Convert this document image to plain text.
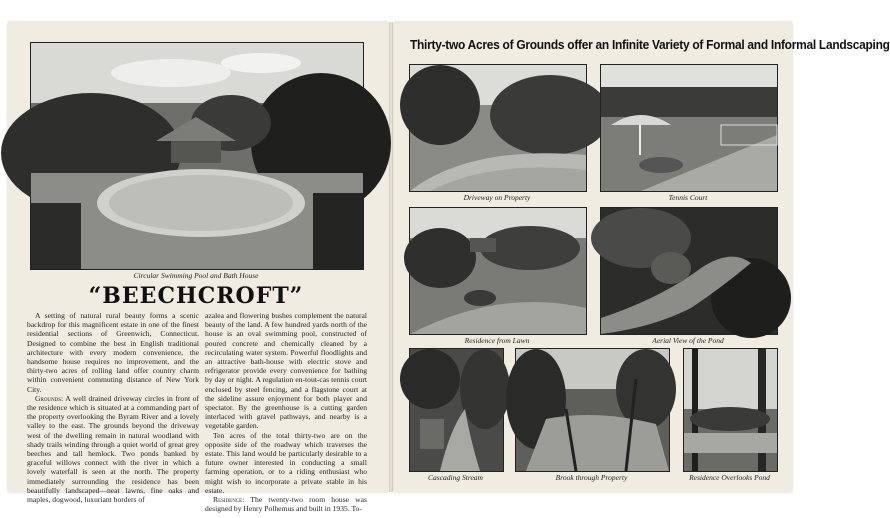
Circular Swimming Pool and Bath House
“BEECHCROFT”

A setting of natural rural beauty forms a scenic backdrop for this magnificent estate in one of the finest residential sections of Greenwich, Connecticut. Designed to combine the best in English traditional architecture with every modern convenience, the handsome house requires no improvement, and the thirty-two acres of rolling land offer country charm within convenient commuting distance of New York City.

Grounds: A well drained driveway circles in front of the residence which is situated at a commanding part of the property overlooking the Byram River and a lovely valley to the east. The grounds beyond the driveway west of the dwelling remain in natural woodland with shady trails winding through a quiet world of great grey beeches and tall hemlock. Two ponds banked by graceful willows connect with the river in which a lovely waterfall is seen at the north. The property immediately surrounding the residence has been beautifully landscaped—neat lawns, fine oaks and maples, dogwood, luxuriant borders of

azalea and flowering bushes complement the natural beauty of the land. A few hundred yards north of the house is an oval swimming pool, constructed of poured concrete and chemically cleaned by a recirculating water system. Powerful floodlights and an attractive bath-house with electric stove and refrigerator provide every convenience for bathing by day or night. A regulation en-tout-cas tennis court enclosed by steel fencing, and a flagstone court at the sideline assure enjoyment for both player and spectator. By the greenhouse is a cutting garden interlaced with gravel pathways, and nearby is a vegetable garden.

Ten acres of the total thirty-two are on the opposite side of the roadway which traverses the estate. This land would be particularly desirable to a future owner interested in conducting a small farming operation, or to a riding enthusiast who might wish to incorporate a private stable in his estate.

Residence: The twenty-two room house was designed by Henry Polhemus and built in 1935. To-

Thirty-two Acres of Grounds offer an Infinite Variety of Formal and Informal Landscaping
Driveway on Property	Tennis Court
Residence from Lawn	Aerial View of the Pond
Cascading Stream	Brook through Property	Residence Overlooks Pond
